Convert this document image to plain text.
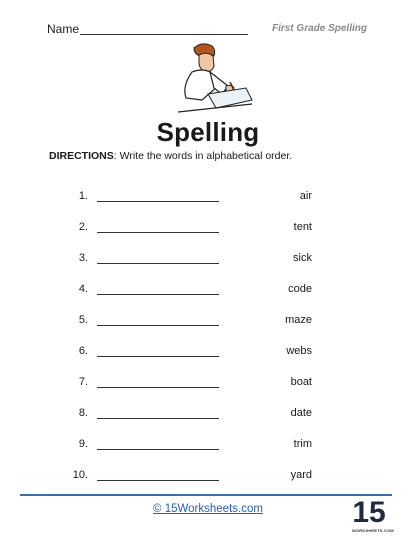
Name	First Grade Spelling
Spelling
DIRECTIONS: Write the words in alphabetical order.
1.	air
2.	tent
3.	sick
4.	code
5.	maze
6.	webs
7.	boat
8.	date
9.	trim
10.	yard
© 15Worksheets.com	15
WORKSHEETS.COM
